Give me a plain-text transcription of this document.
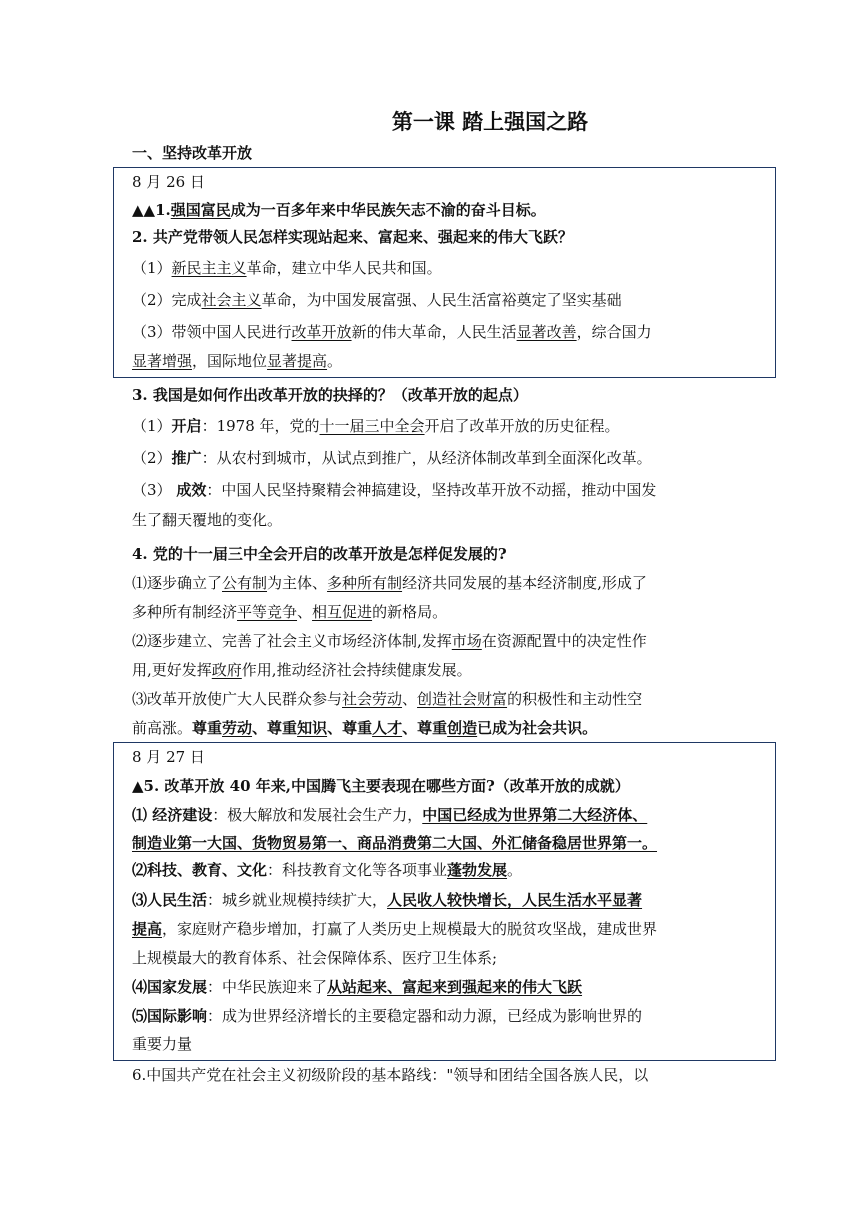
第一课 踏上强国之路
一、坚持改革开放
8 月 26 日
▲▲1.强国富民成为一百多年来中华民族矢志不渝的奋斗目标。
2. 共产党带领人民怎样实现站起来、富起来、强起来的伟大飞跃？
（1）新民主主义革命，建立中华人民共和国。
（2）完成社会主义革命，为中国发展富强、人民生活富裕奠定了坚实基础
（3）带领中国人民进行改革开放新的伟大革命，人民生活显著改善，综合国力
显著增强，国际地位显著提高。
3. 我国是如何作出改革开放的抉择的？（改革开放的起点）
（1）开启：1978 年，党的十一届三中全会开启了改革开放的历史征程。
（2）推广：从农村到城市，从试点到推广，从经济体制改革到全面深化改革。
（3） 成效：中国人民坚持聚精会神搞建设，坚持改革开放不动摇，推动中国发
生了翻天覆地的变化。
4. 党的十一届三中全会开启的改革开放是怎样促发展的?
⑴逐步确立了公有制为主体、多种所有制经济共同发展的基本经济制度,形成了
多种所有制经济平等竞争、相互促进的新格局。
⑵逐步建立、完善了社会主义市场经济体制,发挥市场在资源配置中的决定性作
用,更好发挥政府作用,推动经济社会持续健康发展。
⑶改革开放使广大人民群众参与社会劳动、创造社会财富的积极性和主动性空
前高涨。尊重劳动、尊重知识、尊重人才、尊重创造已成为社会共识。
8 月 27 日
▲5. 改革开放 40 年来,中国腾飞主要表现在哪些方面?（改革开放的成就）
⑴ 经济建设：极大解放和发展社会生产力，中国已经成为世界第二大经济体、
制造业第一大国、货物贸易第一、商品消费第二大国、外汇储备稳居世界第一。
⑵科技、教育、文化：科技教育文化等各项事业蓬勃发展。
⑶人民生活：城乡就业规模持续扩大，人民收人较快增长，人民生活水平显著
提高，家庭财产稳步增加，打赢了人类历史上规模最大的脱贫攻坚战，建成世界
上规模最大的教育体系、社会保障体系、医疗卫生体系;
⑷国家发展：中华民族迎来了从站起来、富起来到强起来的伟大飞跃
⑸国际影响：成为世界经济增长的主要稳定器和动力源，已经成为影响世界的
重要力量
6.中国共产党在社会主义初级阶段的基本路线："领导和团结全国各族人民，以
